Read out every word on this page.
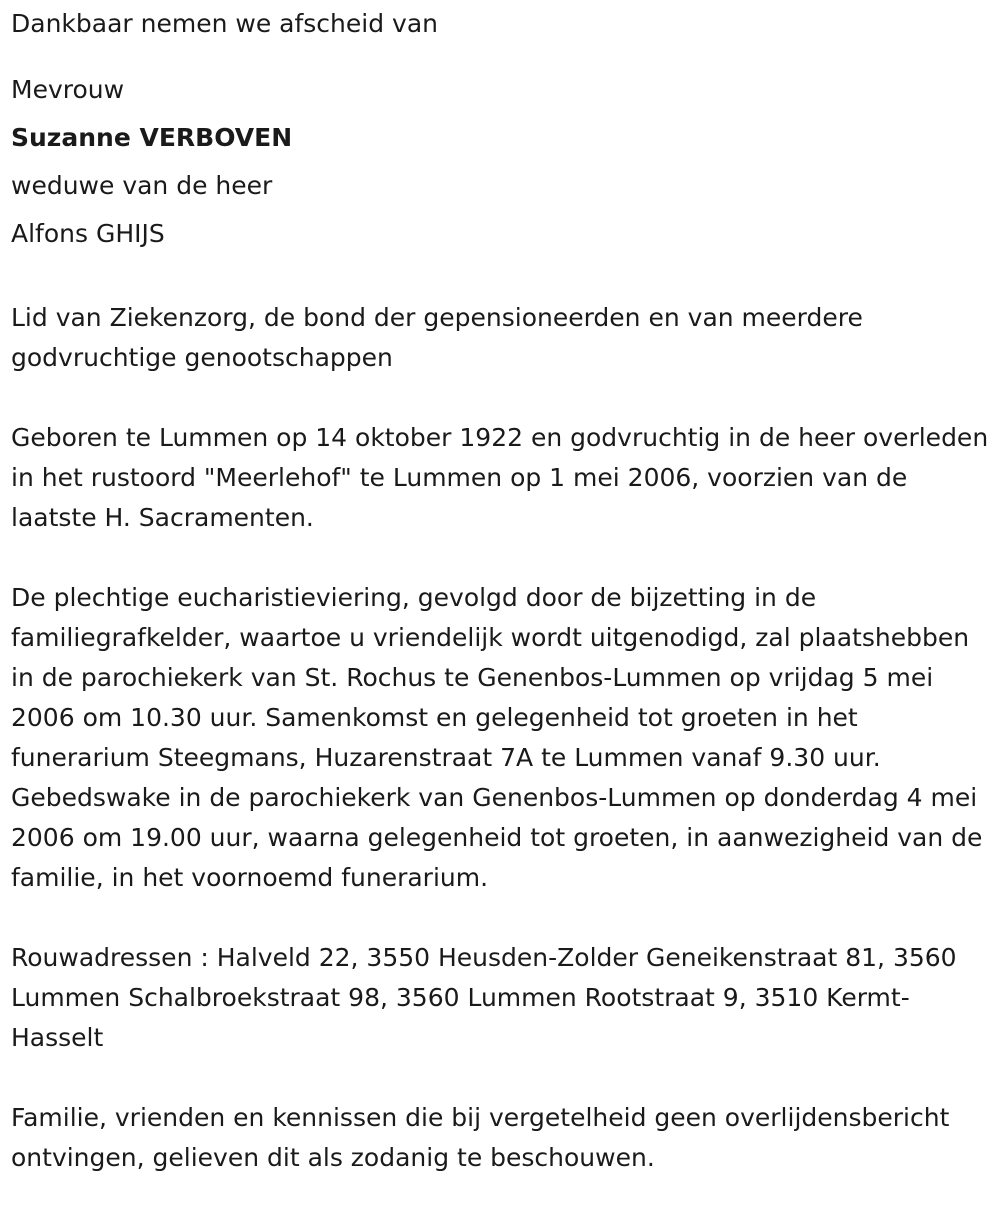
Dankbaar nemen we afscheid van

Mevrouw

Suzanne VERBOVEN

weduwe van de heer

Alfons GHIJS

Lid van Ziekenzorg, de bond der gepensioneerden en van meerdere godvruchtige genootschappen

Geboren te Lummen op 14 oktober 1922 en godvruchtig in de heer overleden in het rustoord "Meerlehof" te Lummen op 1 mei 2006, voorzien van de laatste H. Sacramenten.

De plechtige eucharistieviering, gevolgd door de bijzetting in de familiegrafkelder, waartoe u vriendelijk wordt uitgenodigd, zal plaatshebben in de parochiekerk van St. Rochus te Genenbos-Lummen op vrijdag 5 mei 2006 om 10.30 uur. Samenkomst en gelegenheid tot groeten in het funerarium Steegmans, Huzarenstraat 7A te Lummen vanaf 9.30 uur. Gebedswake in de parochiekerk van Genenbos-Lummen op donderdag 4 mei 2006 om 19.00 uur, waarna gelegenheid tot groeten, in aanwezigheid van de familie, in het voornoemd funerarium.

Rouwadressen : Halveld 22, 3550 Heusden-Zolder Geneikenstraat 81, 3560 Lummen Schalbroekstraat 98, 3560 Lummen Rootstraat 9, 3510 Kermt-Hasselt

Familie, vrienden en kennissen die bij vergetelheid geen overlijdensbericht ontvingen, gelieven dit als zodanig te beschouwen.
